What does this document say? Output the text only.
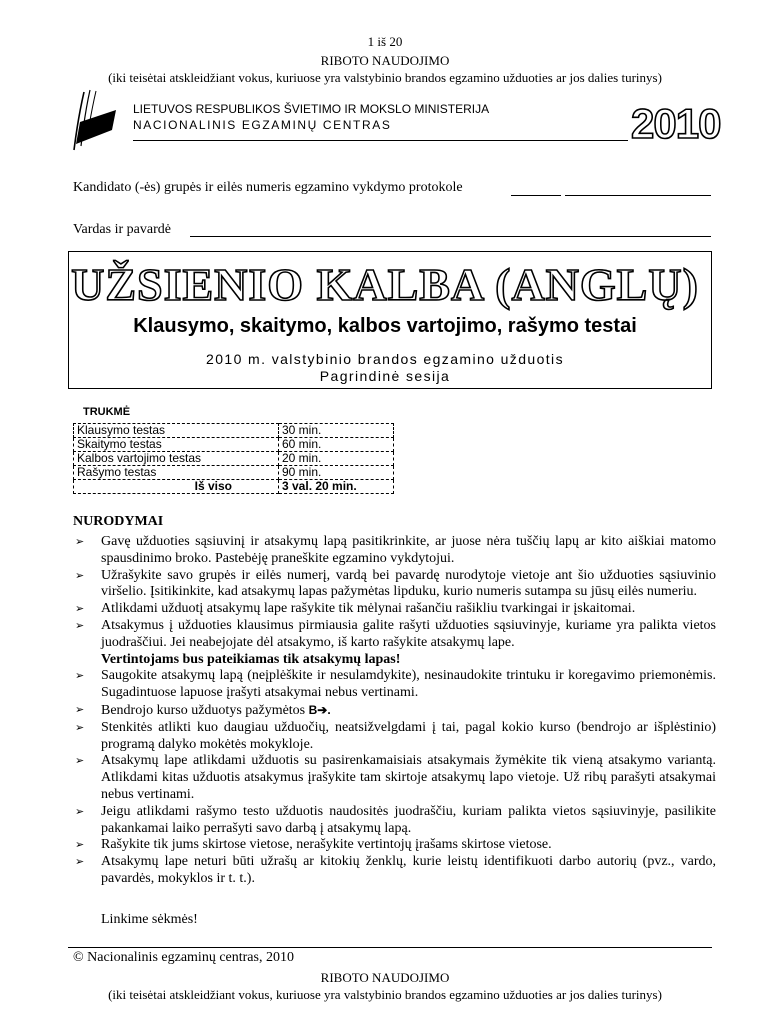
1 iš 20
RIBOTO NAUDOJIMO
(iki teisėtai atskleidžiant vokus, kuriuose yra valstybinio brandos egzamino užduoties ar jos dalies turinys)
LIETUVOS RESPUBLIKOS ŠVIETIMO IR MOKSLO MINISTERIJA
NACIONALINIS EGZAMINŲ CENTRAS	2010
Kandidato (-ės) grupės ir eilės numeris egzamino vykdymo protokole
Vardas ir pavardė
UŽSIENIO KALBA (ANGLŲ)
Klausymo, skaitymo, kalbos vartojimo, rašymo testai
2010 m. valstybinio brandos egzamino užduotis
Pagrindinė sesija
TRUKMĖ
Klausymo testas	30 min.
Skaitymo testas	60 min.
Kalbos vartojimo testas	20 min.
Rašymo testas	90 min.
Iš viso	3 val. 20 min.
NURODYMAI
➢ Gavę užduoties sąsiuvinį ir atsakymų lapą pasitikrinkite, ar juose nėra tuščių lapų ar kito aiškiai matomo spausdinimo broko. Pastebėję praneškite egzamino vykdytojui.
➢ Užrašykite savo grupės ir eilės numerį, vardą bei pavardę nurodytoje vietoje ant šio užduoties sąsiuvinio viršelio. Įsitikinkite, kad atsakymų lapas pažymėtas lipduku, kurio numeris sutampa su jūsų eilės numeriu.
➢ Atlikdami užduotį atsakymų lape rašykite tik mėlynai rašančiu rašikliu tvarkingai ir įskaitomai.
➢ Atsakymus į užduoties klausimus pirmiausia galite rašyti užduoties sąsiuvinyje, kuriame yra palikta vietos juodraščiui. Jei neabejojate dėl atsakymo, iš karto rašykite atsakymų lape.
Vertintojams bus pateikiamas tik atsakymų lapas!
➢ Saugokite atsakymų lapą (neįplėškite ir nesulamdykite), nesinaudokite trintuku ir koregavimo priemonėmis. Sugadintuose lapuose įrašyti atsakymai nebus vertinami.
➢ Bendrojo kurso užduotys pažymėtos B➔.
➢ Stenkitės atlikti kuo daugiau užduočių, neatsižvelgdami į tai, pagal kokio kurso (bendrojo ar išplėstinio) programą dalyko mokėtės mokykloje.
➢ Atsakymų lape atlikdami užduotis su pasirenkamaisiais atsakymais žymėkite tik vieną atsakymo variantą. Atlikdami kitas užduotis atsakymus įrašykite tam skirtoje atsakymų lapo vietoje. Už ribų parašyti atsakymai nebus vertinami.
➢ Jeigu atlikdami rašymo testo užduotis naudositės juodraščiu, kuriam palikta vietos sąsiuvinyje, pasilikite pakankamai laiko perrašyti savo darbą į atsakymų lapą.
➢ Rašykite tik jums skirtose vietose, nerašykite vertintojų įrašams skirtose vietose.
➢ Atsakymų lape neturi būti užrašų ar kitokių ženklų, kurie leistų identifikuoti darbo autorių (pvz., vardo, pavardės, mokyklos ir t. t.).
Linkime sėkmės!
© Nacionalinis egzaminų centras, 2010
RIBOTO NAUDOJIMO
(iki teisėtai atskleidžiant vokus, kuriuose yra valstybinio brandos egzamino užduoties ar jos dalies turinys)
